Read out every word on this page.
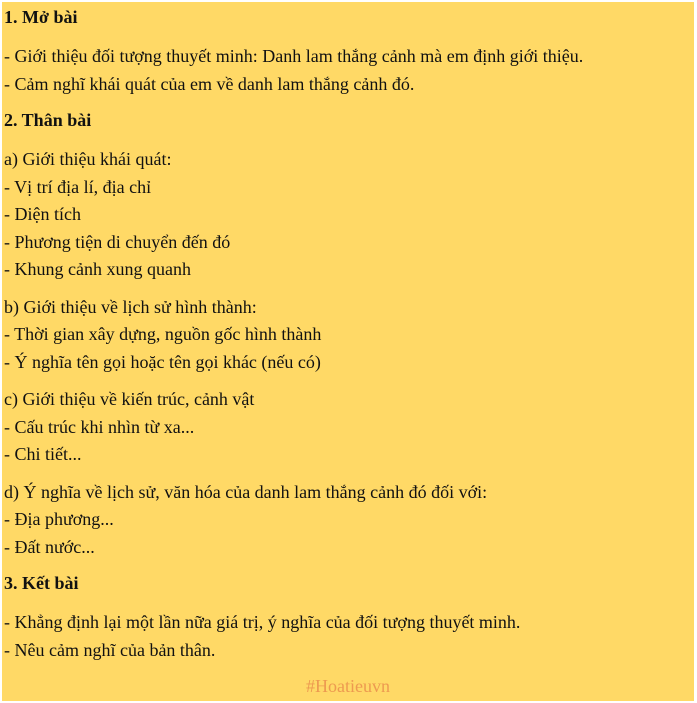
1. Mở bài

- Giới thiệu đối tượng thuyết minh: Danh lam thắng cảnh mà em định giới thiệu.

- Cảm nghĩ khái quát của em về danh lam thắng cảnh đó.

2. Thân bài

a) Giới thiệu khái quát:

- Vị trí địa lí, địa chỉ

- Diện tích

- Phương tiện di chuyển đến đó

- Khung cảnh xung quanh

b) Giới thiệu về lịch sử hình thành:

- Thời gian xây dựng, nguồn gốc hình thành

- Ý nghĩa tên gọi hoặc tên gọi khác (nếu có)

c) Giới thiệu về kiến trúc, cảnh vật

- Cấu trúc khi nhìn từ xa...

- Chi tiết...

d) Ý nghĩa về lịch sử, văn hóa của danh lam thắng cảnh đó đối với:

- Địa phương...

- Đất nước...

3. Kết bài

- Khẳng định lại một lần nữa giá trị, ý nghĩa của đối tượng thuyết minh.

- Nêu cảm nghĩ của bản thân.

#Hoatieuvn
